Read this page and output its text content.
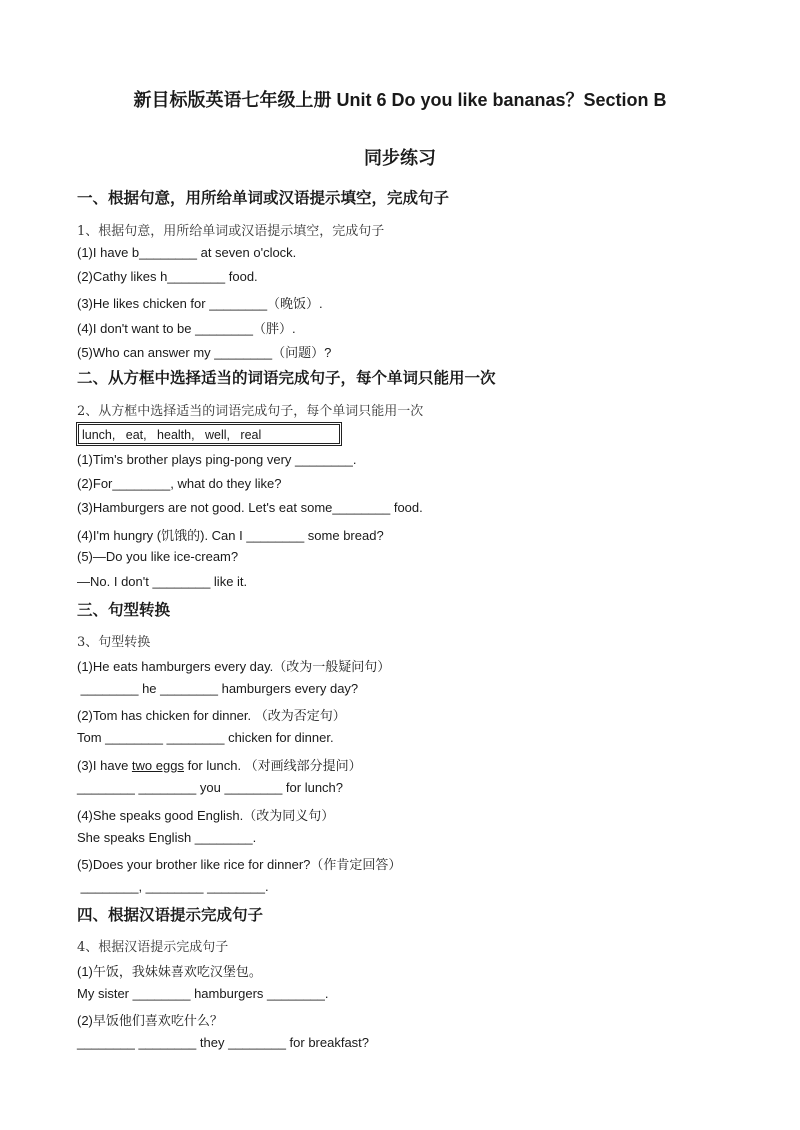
新目标版英语七年级上册 Unit 6 Do you like bananas？Section B
同步练习
一、根据句意，用所给单词或汉语提示填空，完成句子
1、根据句意，用所给单词或汉语提示填空，完成句子
(1)I have b________ at seven o'clock.
(2)Cathy likes h________ food.
(3)He likes chicken for ________（晚饭）.
(4)I don't want to be ________（胖）.
(5)Who can answer my ________（问题）?
二、从方框中选择适当的词语完成句子，每个单词只能用一次
2、从方框中选择适当的词语完成句子，每个单词只能用一次
lunch,   eat,   health,   well,   real
(1)Tim's brother plays ping-pong very ________.
(2)For________, what do they like?
(3)Hamburgers are not good. Let's eat some________ food.
(4)I'm hungry (饥饿的). Can I ________ some bread?
(5)—Do you like ice-cream?
—No. I don't ________ like it.
三、句型转换
3、句型转换
(1)He eats hamburgers every day.（改为一般疑问句）
________ he ________ hamburgers every day?
(2)Tom has chicken for dinner. （改为否定句）
Tom ________ ________ chicken for dinner.
(3)I have two eggs for lunch. （对画线部分提问）
________ ________ you ________ for lunch?
(4)She speaks good English.（改为同义句）
She speaks English ________.
(5)Does your brother like rice for dinner?（作肯定回答）
________, ________ ________.
四、根据汉语提示完成句子
4、根据汉语提示完成句子
(1)午饭，我妹妹喜欢吃汉堡包。
My sister ________ hamburgers ________.
(2)早饭他们喜欢吃什么？
________ ________ they ________ for breakfast?
